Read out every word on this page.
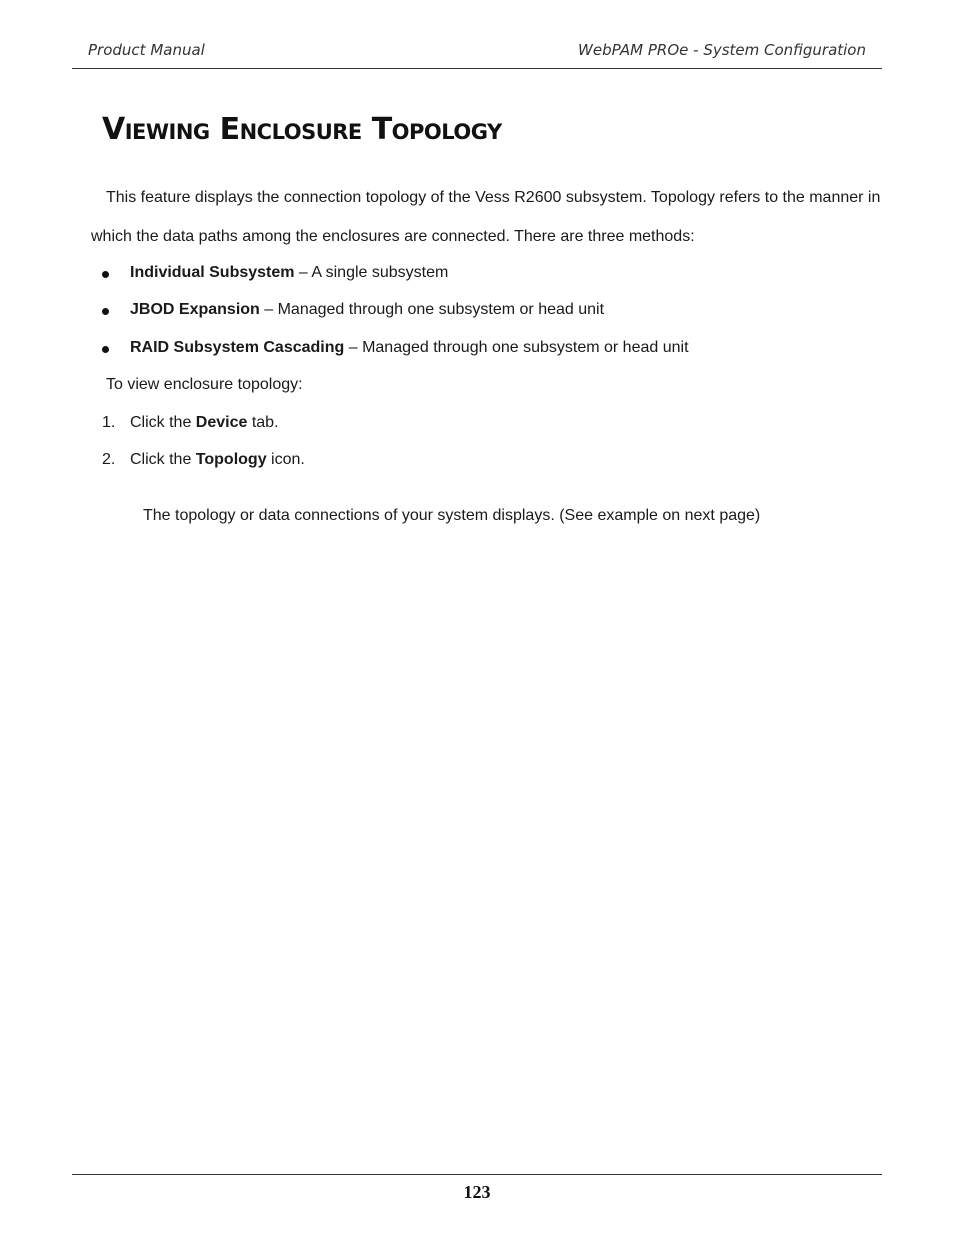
Product Manual	WebPAM PROe - System Configuration
Viewing Enclosure Topology
This feature displays the connection topology of the Vess R2600 subsystem. Topology refers to the manner in
which the data paths among the enclosures are connected. There are three methods:
Individual Subsystem – A single subsystem
JBOD Expansion – Managed through one subsystem or head unit
RAID Subsystem Cascading – Managed through one subsystem or head unit
To view enclosure topology:
1. Click the Device tab.
2. Click the Topology icon.
The topology or data connections of your system displays. (See example on next page)
123
